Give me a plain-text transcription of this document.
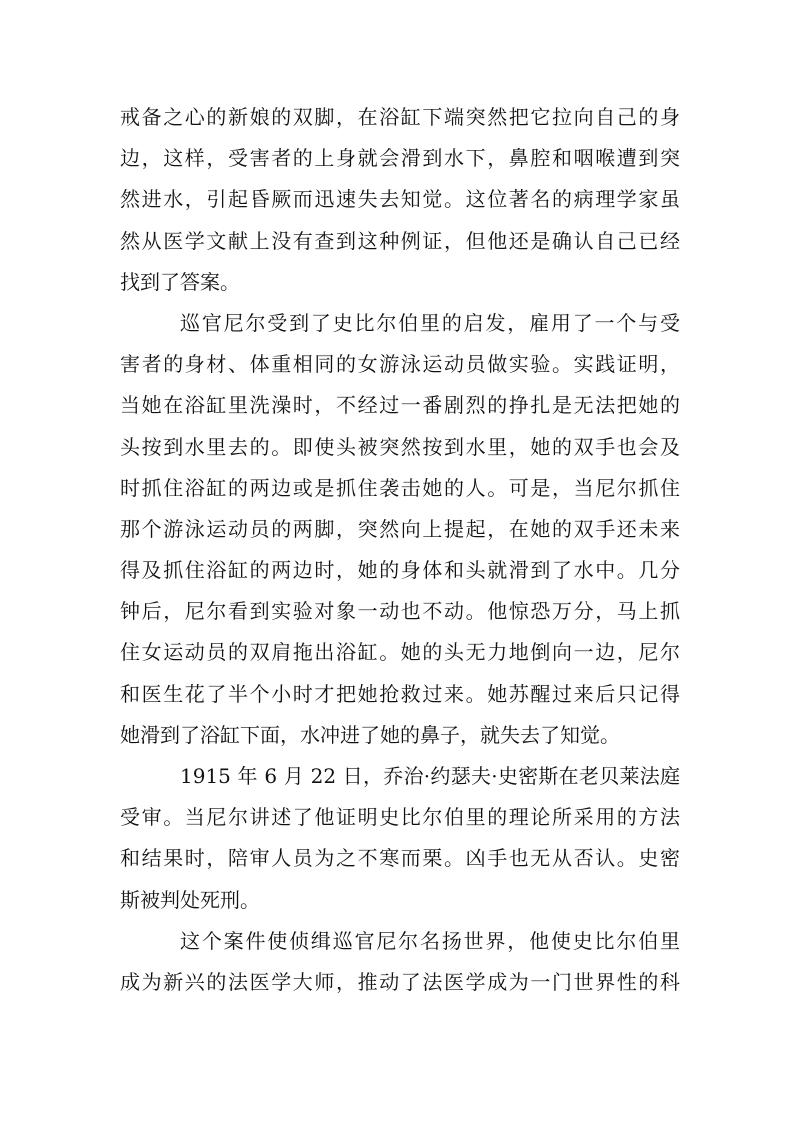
戒备之心的新娘的双脚，在浴缸下端突然把它拉向自己的身
边，这样，受害者的上身就会滑到水下，鼻腔和咽喉遭到突
然进水，引起昏厥而迅速失去知觉。这位著名的病理学家虽
然从医学文献上没有查到这种例证，但他还是确认自己已经
找到了答案。
巡官尼尔受到了史比尔伯里的启发，雇用了一个与受
害者的身材、体重相同的女游泳运动员做实验。实践证明，
当她在浴缸里洗澡时，不经过一番剧烈的挣扎是无法把她的
头按到水里去的。即使头被突然按到水里，她的双手也会及
时抓住浴缸的两边或是抓住袭击她的人。可是，当尼尔抓住
那个游泳运动员的两脚，突然向上提起，在她的双手还未来
得及抓住浴缸的两边时，她的身体和头就滑到了水中。几分
钟后，尼尔看到实验对象一动也不动。他惊恐万分，马上抓
住女运动员的双肩拖出浴缸。她的头无力地倒向一边，尼尔
和医生花了半个小时才把她抢救过来。她苏醒过来后只记得
她滑到了浴缸下面，水冲进了她的鼻子，就失去了知觉。
1915 年 6 月 22 日，乔治·约瑟夫·史密斯在老贝莱法庭
受审。当尼尔讲述了他证明史比尔伯里的理论所采用的方法
和结果时，陪审人员为之不寒而栗。凶手也无从否认。史密
斯被判处死刑。
这个案件使侦缉巡官尼尔名扬世界，他使史比尔伯里
成为新兴的法医学大师，推动了法医学成为一门世界性的科
